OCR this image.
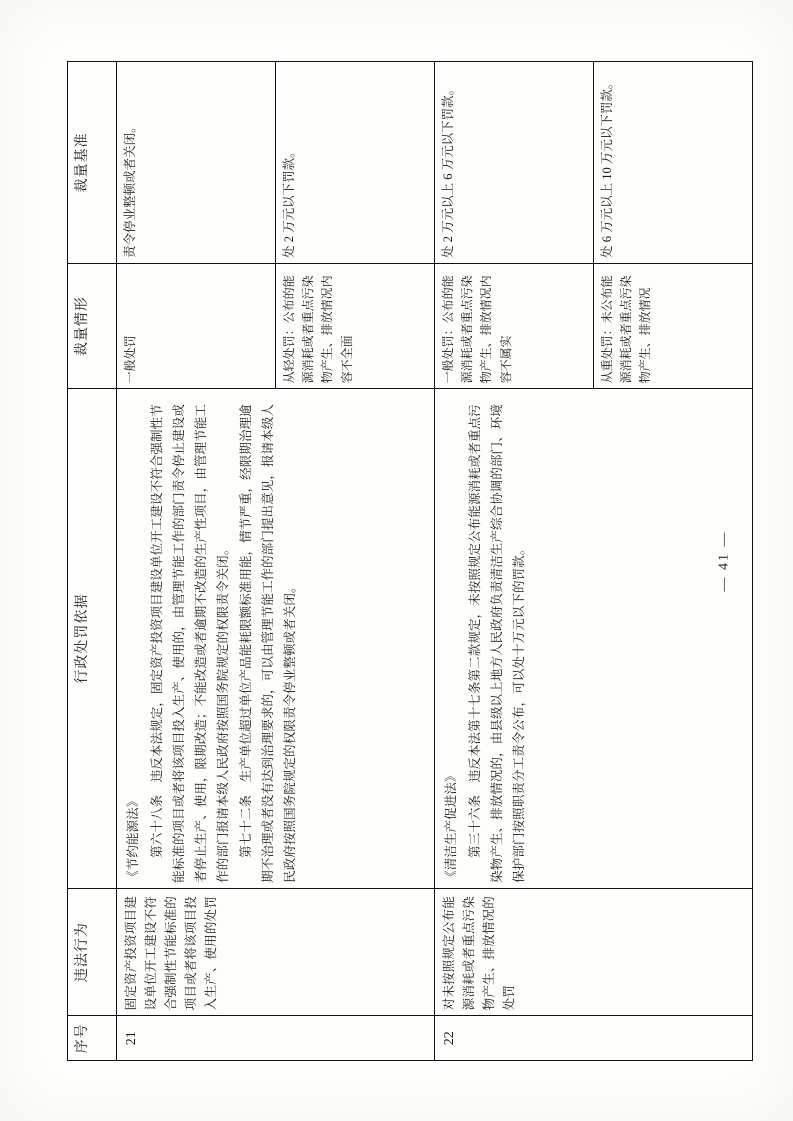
序号	违法行为	行政处罚依据	裁量情形	裁量基准
21	固定资产投资项目建设单位开工建设不符合强制性节能标准的项目或者将该项目投入生产、使用的处罚	《节约能源法》 第六十八条　违反本法规定，固定资产投资项目建设单位开工建设不符合强制性节能标准的项目或者将该项目投入生产、使用的，由管理节能工作的部门责令停止建设或者停止生产、使用，限期改造；不能改造或者逾期不改造的生产性项目，由管理节能工作的部门报请本级人民政府按照国务院规定的权限责令关闭。 第七十二条　生产单位超过单位产品能耗限额标准用能，情节严重，经限期治理逾期不治理或者没有达到治理要求的，可以由管理节能工作的部门提出意见，报请本级人民政府按照国务院规定的权限责令停业整顿或者关闭。	一般处罚	责令停业整顿或者关闭。
			从轻处罚：公布的能源消耗或者重点污染物产生、排放情况内容不全面	处 2 万元以下罚款。
22	对未按照规定公布能源消耗或者重点污染物产生、排放情况的处罚	《清洁生产促进法》 第三十六条　违反本法第十七条第二款规定，未按照规定公布能源消耗或者重点污染物产生、排放情况的，由县级以上地方人民政府负责清洁生产综合协调的部门、环境保护部门按照职责分工责令公布，可以处十万元以下的罚款。	一般处罚：公布的能源消耗或者重点污染物产生、排放情况内容不属实	处 2 万元以上 6 万元以下罚款。
			从重处罚：未公布能源消耗或者重点污染物产生、排放情况	处 6 万元以上 10 万元以下罚款。
— 41 —
